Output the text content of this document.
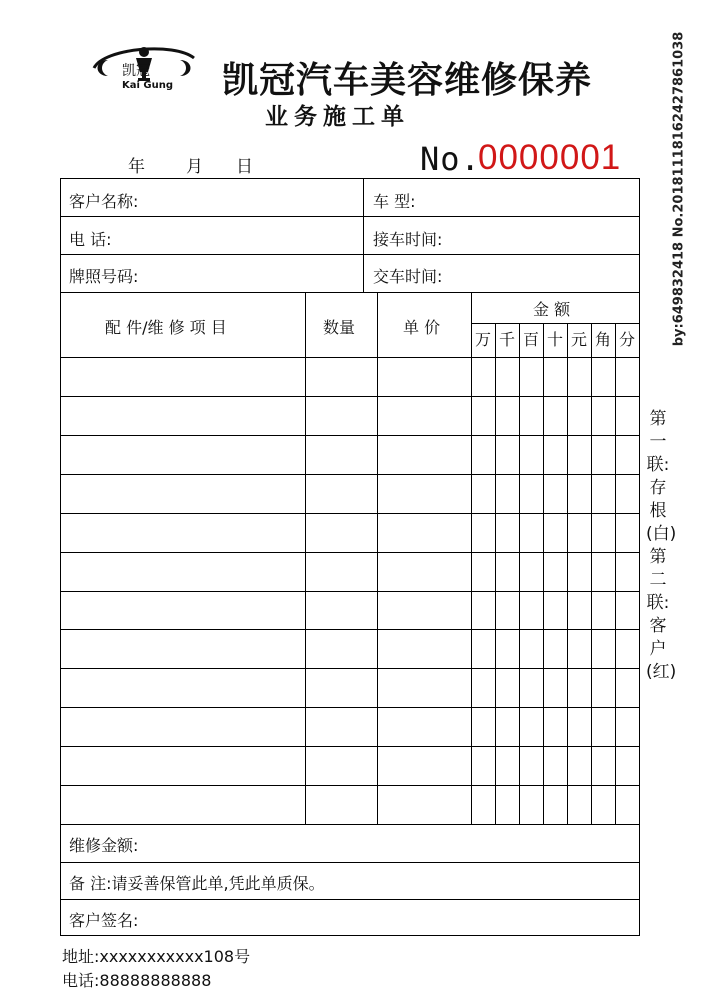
凯冠
Kai Gung 凯冠汽车美容维修保养
业务施工单
年 月 日	No.
0000001
客户名称:	车 型:
电 话:	接车时间:
牌照号码:	交车时间:
配 件/维 修 项 目	数量	单 价
金 额
万 千 百 十 元 角 分
维修金额:
备 注:请妥善保管此单,凭此单质保。
客户签名:
第一联:存根(白)第二联:客户(红)
by:649832418 No.20181118162427861038
地址:xxxxxxxxxxx108号
电话:88888888888
